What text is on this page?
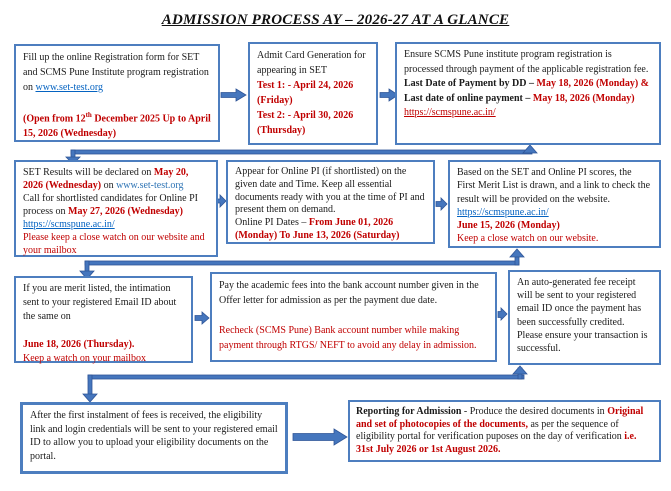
ADMISSION PROCESS AY – 2026-27 AT A GLANCE
Fill up the online Registration form for SET and SCMS Pune Institute program registration on www.set-test.org

(Open from 12th December 2025 Up to April 15, 2026 (Wednesday)
Admit Card Generation for appearing in SET
Test 1: - April 24, 2026 (Friday)
Test 2: - April 30, 2026 (Thursday)
Ensure SCMS Pune institute program registration is processed through payment of the applicable registration fee.
Last Date of Payment by DD – May 18, 2026 (Monday) &
Last date of online payment – May 18, 2026 (Monday)
https://scmspune.ac.in/
SET Results will be declared on May 20, 2026 (Wednesday) on www.set-test.org
Call for shortlisted candidates for Online PI process on May 27, 2026 (Wednesday)
https://scmspune.ac.in/
Please keep a close watch on our website and your mailbox
Appear for Online PI (if shortlisted) on the given date and Time. Keep all essential documents ready with you at the time of PI and present them on demand.
Online PI Dates – From June 01, 2026 (Monday) To June 13, 2026 (Saturday)
Based on the SET and Online PI scores, the First Merit List is drawn, and a link to check the result will be provided on the website.
https://scmspune.ac.in/
June 15, 2026 (Monday)
Keep a close watch on our website.
If you are merit listed, the intimation sent to your registered Email ID about the same on

June 18, 2026 (Thursday).
Keep a watch on your mailbox
Pay the academic fees into the bank account number given in the Offer letter for admission as per the payment due date.

Recheck (SCMS Pune) Bank account number while making payment through RTGS/ NEFT to avoid any delay in admission.
An auto-generated fee receipt will be sent to your registered email ID once the payment has been successfully credited. Please ensure your transaction is successful.
After the first instalment of fees is received, the eligibility link and login credentials will be sent to your registered email ID to allow you to upload your eligibility documents on the portal.
Reporting for Admission - Produce the desired documents in Original and set of photocopies of the documents, as per the sequence of eligibility portal for verification puposes on the day of verification i.e. 31st July 2026 or 1st August 2026.
